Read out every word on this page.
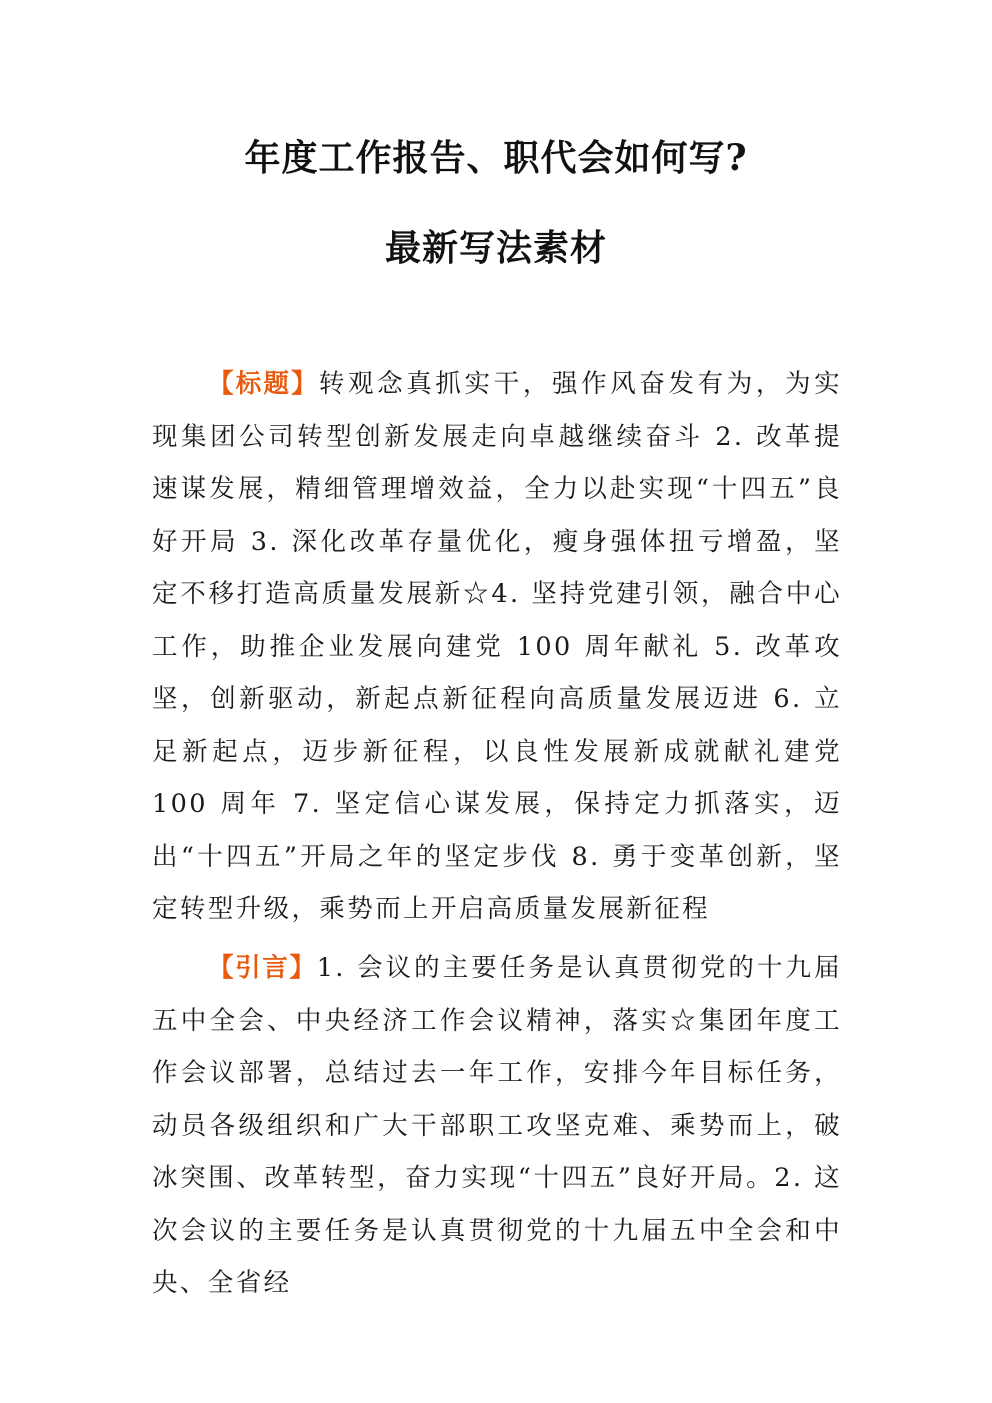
年度工作报告、职代会如何写?
最新写法素材

【标题】转观念真抓实干，强作风奋发有为，为实现集团公司转型创新发展走向卓越继续奋斗 2. 改革提速谋发展，精细管理增效益，全力以赴实现“十四五”良好开局 3. 深化改革存量优化，瘦身强体扭亏增盈，坚定不移打造高质量发展新☆4. 坚持党建引领，融合中心工作，助推企业发展向建党 100 周年献礼 5. 改革攻坚，创新驱动，新起点新征程向高质量发展迈进 6. 立足新起点，迈步新征程，以良性发展新成就献礼建党 100 周年 7. 坚定信心谋发展，保持定力抓落实，迈出“十四五”开局之年的坚定步伐 8. 勇于变革创新，坚定转型升级，乘势而上开启高质量发展新征程

【引言】1. 会议的主要任务是认真贯彻党的十九届五中全会、中央经济工作会议精神，落实☆集团年度工作会议部署，总结过去一年工作，安排今年目标任务，动员各级组织和广大干部职工攻坚克难、乘势而上，破冰突围、改革转型，奋力实现“十四五”良好开局。2. 这次会议的主要任务是认真贯彻党的十九届五中全会和中央、全省经
